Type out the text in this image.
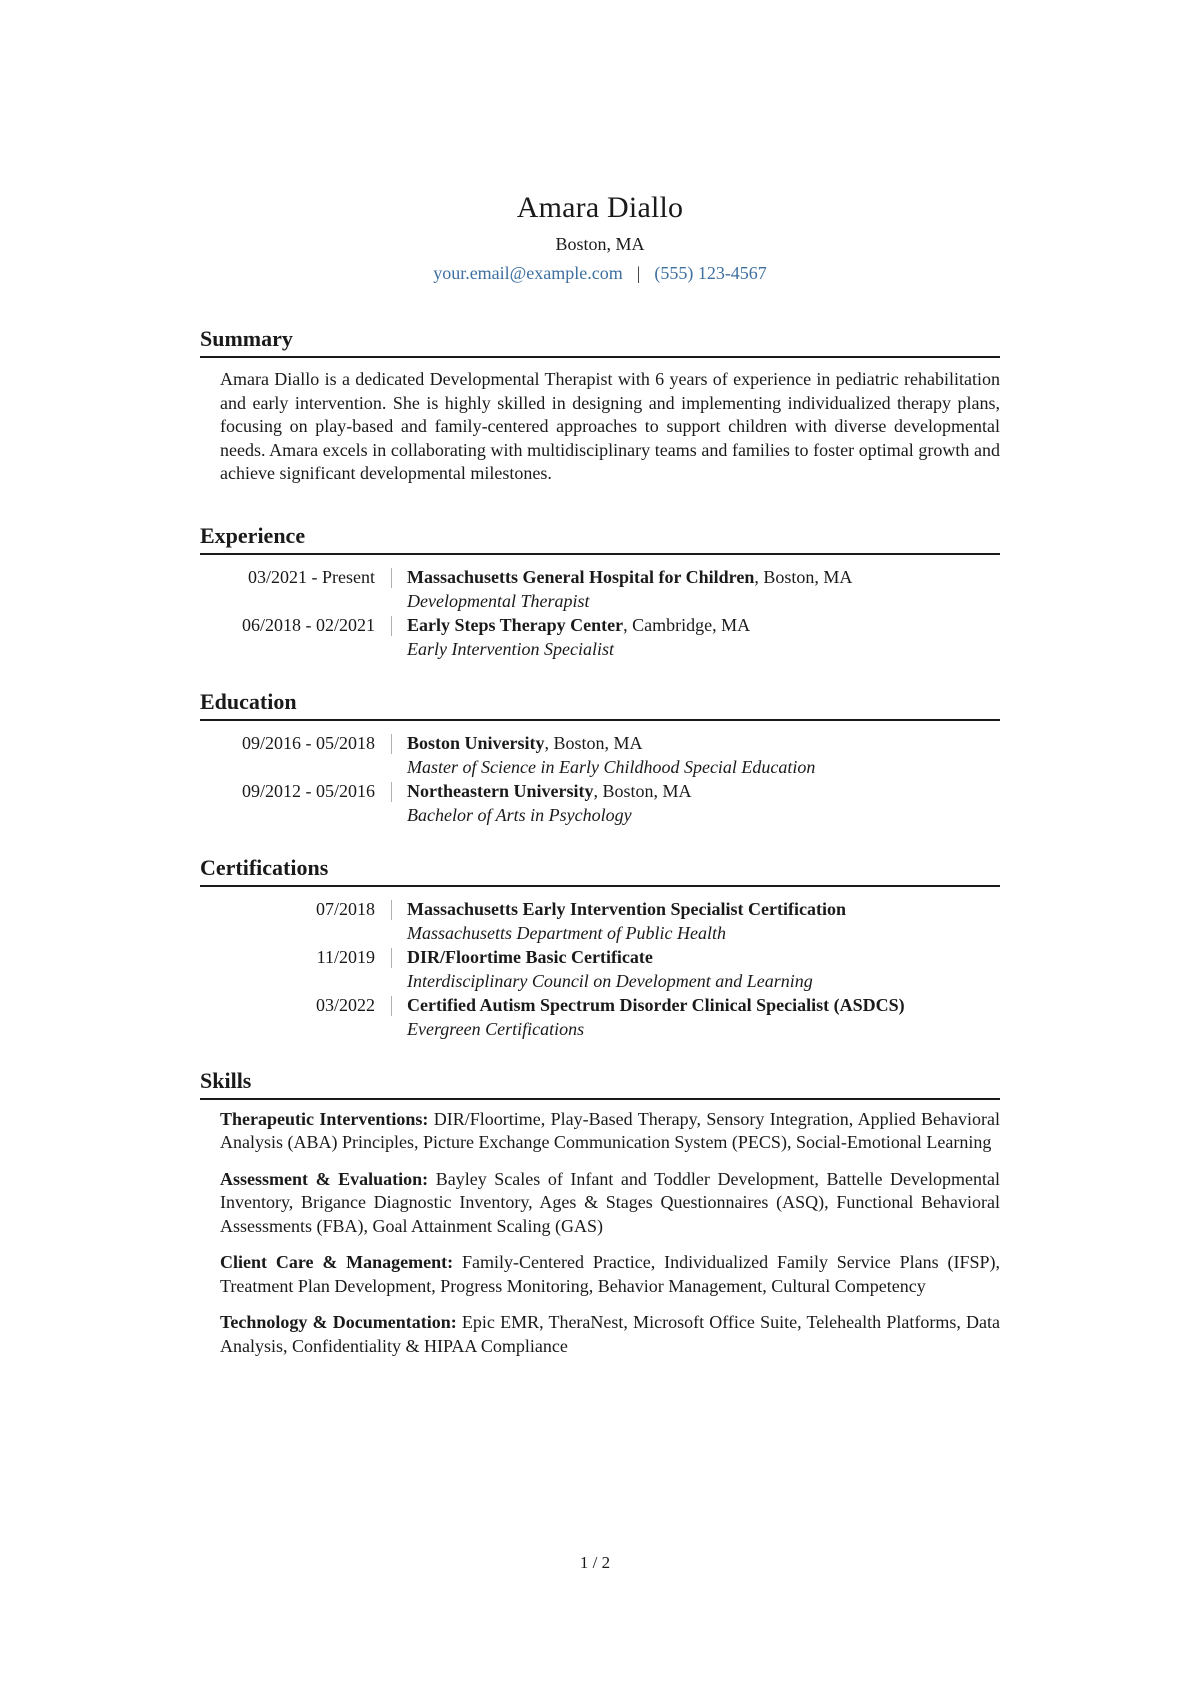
Amara Diallo
Boston, MA
your.email@example.com | (555) 123-4567
Summary
Amara Diallo is a dedicated Developmental Therapist with 6 years of experience in pediatric rehabilitation and early intervention. She is highly skilled in designing and implementing individualized therapy plans, focusing on play-based and family-centered approaches to support children with diverse developmental needs. Amara excels in collaborating with multidisciplinary teams and families to foster optimal growth and achieve significant developmental milestones.
Experience
03/2021 - Present Massachusetts General Hospital for Children, Boston, MA
Developmental Therapist
06/2018 - 02/2021 Early Steps Therapy Center, Cambridge, MA
Early Intervention Specialist
Education
09/2016 - 05/2018 Boston University, Boston, MA
Master of Science in Early Childhood Special Education
09/2012 - 05/2016 Northeastern University, Boston, MA
Bachelor of Arts in Psychology
Certifications
07/2018 Massachusetts Early Intervention Specialist Certification
Massachusetts Department of Public Health
11/2019 DIR/Floortime Basic Certificate
Interdisciplinary Council on Development and Learning
03/2022 Certified Autism Spectrum Disorder Clinical Specialist (ASDCS)
Evergreen Certifications
Skills
Therapeutic Interventions: DIR/Floortime, Play-Based Therapy, Sensory Integration, Applied Behavioral Analysis (ABA) Principles, Picture Exchange Communication System (PECS), Social-Emotional Learning
Assessment & Evaluation: Bayley Scales of Infant and Toddler Development, Battelle Developmental Inventory, Brigance Diagnostic Inventory, Ages & Stages Questionnaires (ASQ), Functional Behavioral Assessments (FBA), Goal Attainment Scaling (GAS)
Client Care & Management: Family-Centered Practice, Individualized Family Service Plans (IFSP), Treatment Plan Development, Progress Monitoring, Behavior Management, Cultural Competency
Technology & Documentation: Epic EMR, TheraNest, Microsoft Office Suite, Telehealth Platforms, Data Analysis, Confidentiality & HIPAA Compliance
1 / 2
